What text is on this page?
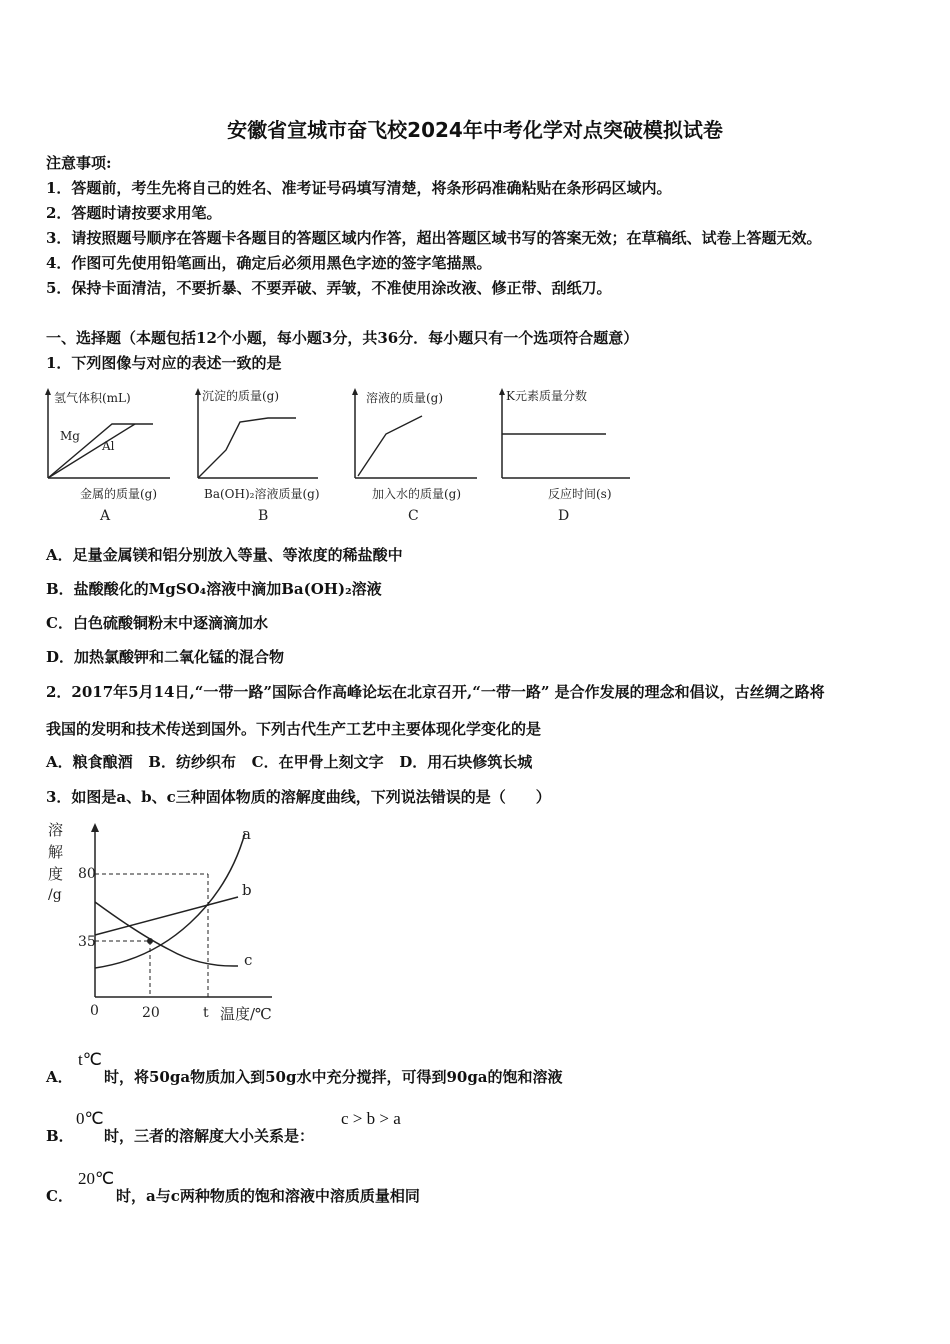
安徽省宣城市奋飞校2024年中考化学对点突破模拟试卷
注意事项:
1．答题前，考生先将自己的姓名、准考证号码填写清楚，将条形码准确粘贴在条形码区域内。
2．答题时请按要求用笔。
3．请按照题号顺序在答题卡各题目的答题区域内作答，超出答题区域书写的答案无效；在草稿纸、试卷上答题无效。
4．作图可先使用铅笔画出，确定后必须用黑色字迹的签字笔描黑。
5．保持卡面清洁，不要折暴、不要弄破、弄皱，不准使用涂改液、修正带、刮纸刀。
一、选择题（本题包括12个小题，每小题3分，共36分．每小题只有一个选项符合题意）
1．下列图像与对应的表述一致的是
氢气体积(mL)
Mg
Al
金属的质量(g)
A
沉淀的质量(g)
Ba(OH)₂溶液质量(g)
B
溶液的质量(g)
加入水的质量(g)
C
K元素质量分数
反应时间(s)
D
A．足量金属镁和铝分别放入等量、等浓度的稀盐酸中
B．盐酸酸化的MgSO₄溶液中滴加Ba(OH)₂溶液
C．白色硫酸铜粉末中逐滴滴加水
D．加热氯酸钾和二氧化锰的混合物
2．2017年5月14日,“一带一路”国际合作高峰论坛在北京召开,“一带一路” 是合作发展的理念和倡议，古丝绸之路将
我国的发明和技术传送到国外。下列古代生产工艺中主要体现化学变化的是
A．粮食酿酒   B．纺纱织布   C．在甲骨上刻文字   D．用石块修筑长城
3．如图是a、b、c三种固体物质的溶解度曲线，下列说法错误的是（　　）
溶
解
度
/g
80
35
0	20	t 温度/℃
a
b
c
A．
t℃
时，将50ga物质加入到50g水中充分搅拌，可得到90ga的饱和溶液
B．
0℃
时，三者的溶解度大小关系是：
c > b > a
C．
20℃
时，a与c两种物质的饱和溶液中溶质质量相同
